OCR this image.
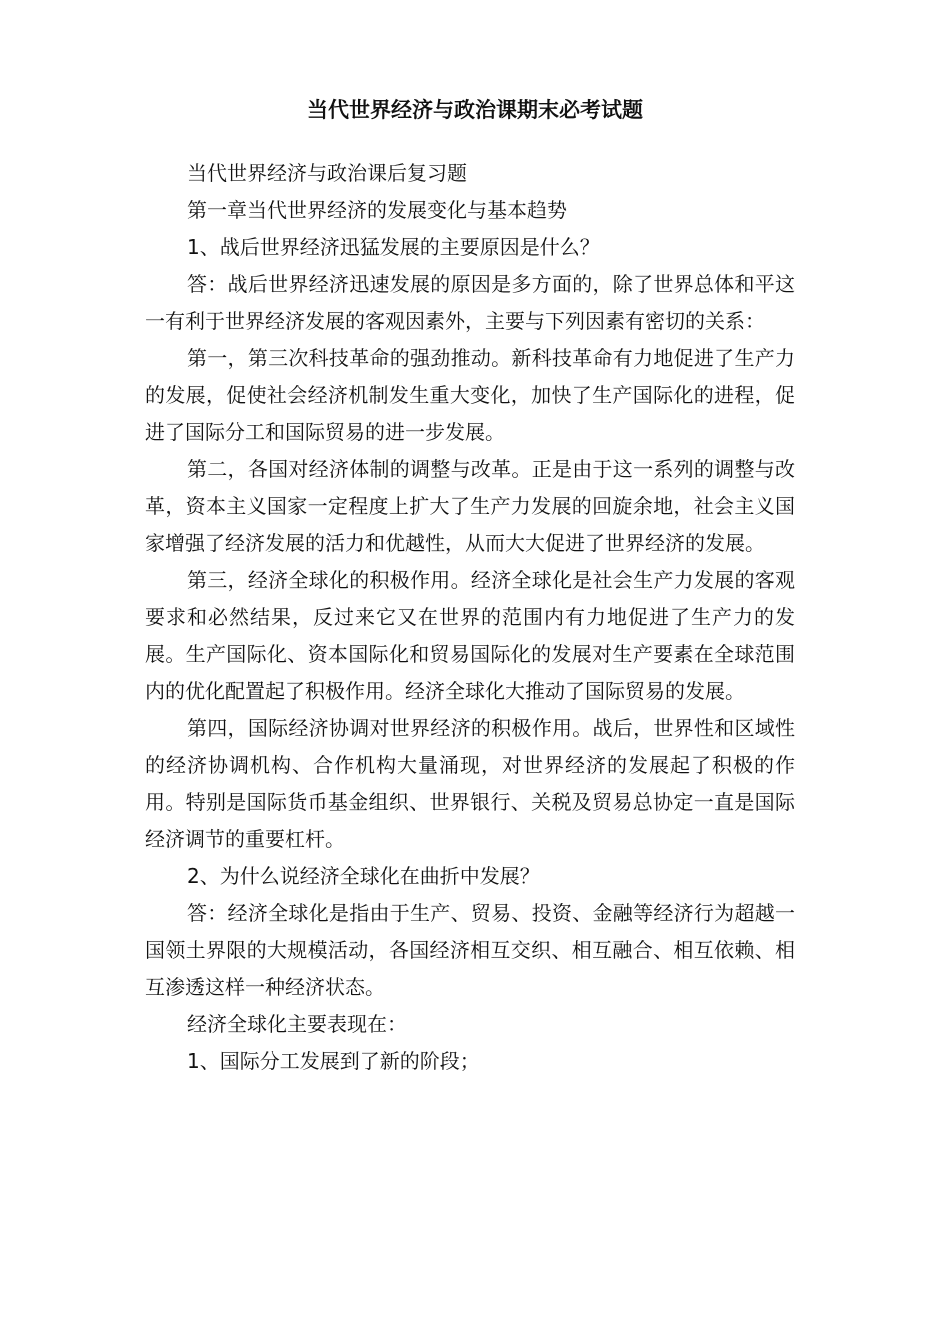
当代世界经济与政治课期末必考试题

当代世界经济与政治课后复习题

第一章当代世界经济的发展变化与基本趋势

1、战后世界经济迅猛发展的主要原因是什么？

答：战后世界经济迅速发展的原因是多方面的，除了世界总体和平这一有利于世界经济发展的客观因素外，主要与下列因素有密切的关系：

第一，第三次科技革命的强劲推动。新科技革命有力地促进了生产力的发展，促使社会经济机制发生重大变化，加快了生产国际化的进程，促进了国际分工和国际贸易的进一步发展。

第二，各国对经济体制的调整与改革。正是由于这一系列的调整与改革，资本主义国家一定程度上扩大了生产力发展的回旋余地，社会主义国家增强了经济发展的活力和优越性，从而大大促进了世界经济的发展。

第三，经济全球化的积极作用。经济全球化是社会生产力发展的客观要求和必然结果，反过来它又在世界的范围内有力地促进了生产力的发展。生产国际化、资本国际化和贸易国际化的发展对生产要素在全球范围内的优化配置起了积极作用。经济全球化大推动了国际贸易的发展。

第四，国际经济协调对世界经济的积极作用。战后，世界性和区域性的经济协调机构、合作机构大量涌现，对世界经济的发展起了积极的作用。特别是国际货币基金组织、世界银行、关税及贸易总协定一直是国际经济调节的重要杠杆。

2、为什么说经济全球化在曲折中发展？

答：经济全球化是指由于生产、贸易、投资、金融等经济行为超越一国领土界限的大规模活动，各国经济相互交织、相互融合、相互依赖、相互渗透这样一种经济状态。

经济全球化主要表现在：

1、国际分工发展到了新的阶段；
